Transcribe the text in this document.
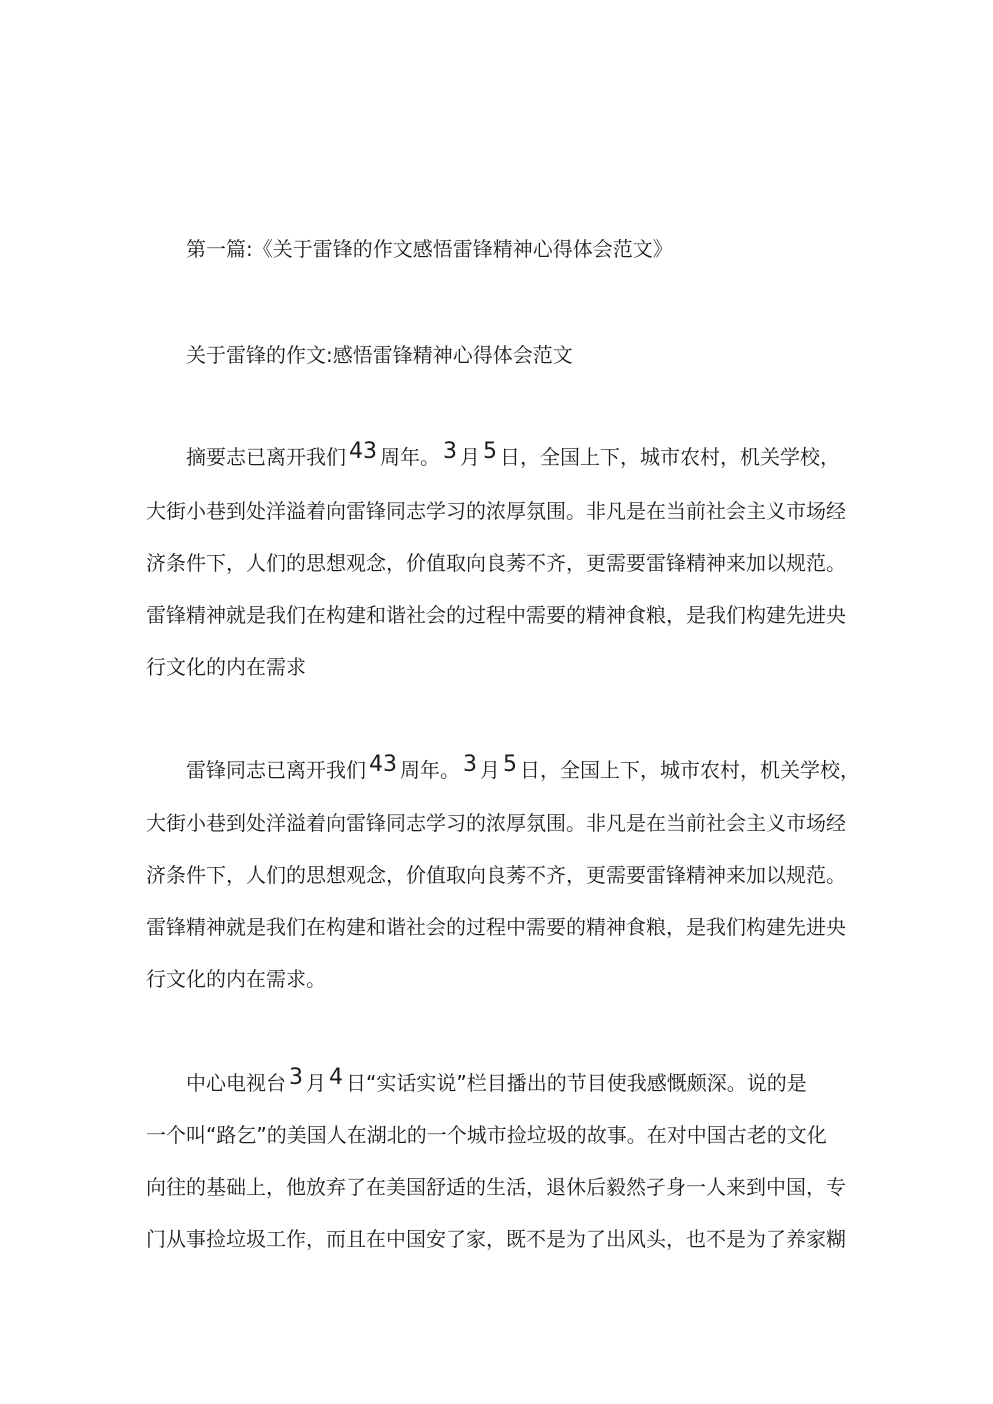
第一篇:《关于雷锋的作文感悟雷锋精神心得体会范文》
关于雷锋的作文:感悟雷锋精神心得体会范文
摘要志已离开我们 43 周年。 3 月 5 日，全国上下，城市农村，机关学校，
大街小巷到处洋溢着向雷锋同志学习的浓厚氛围。非凡是在当前社会主义市场经
济条件下，人们的思想观念，价值取向良莠不齐，更需要雷锋精神来加以规范。
雷锋精神就是我们在构建和谐社会的过程中需要的精神食粮，是我们构建先进央
行文化的内在需求
雷锋同志已离开我们 43 周年。 3 月 5 日，全国上下，城市农村，机关学校，
大街小巷到处洋溢着向雷锋同志学习的浓厚氛围。非凡是在当前社会主义市场经
济条件下，人们的思想观念，价值取向良莠不齐，更需要雷锋精神来加以规范。
雷锋精神就是我们在构建和谐社会的过程中需要的精神食粮，是我们构建先进央
行文化的内在需求。
中心电视台 3 月 4 日“实话实说”栏目播出的节目使我感慨颇深。说的是
一个叫“路乞”的美国人在湖北的一个城市捡垃圾的故事。在对中国古老的文化
向往的基础上，他放弃了在美国舒适的生活，退休后毅然孑身一人来到中国，专
门从事捡垃圾工作，而且在中国安了家，既不是为了出风头，也不是为了养家糊
